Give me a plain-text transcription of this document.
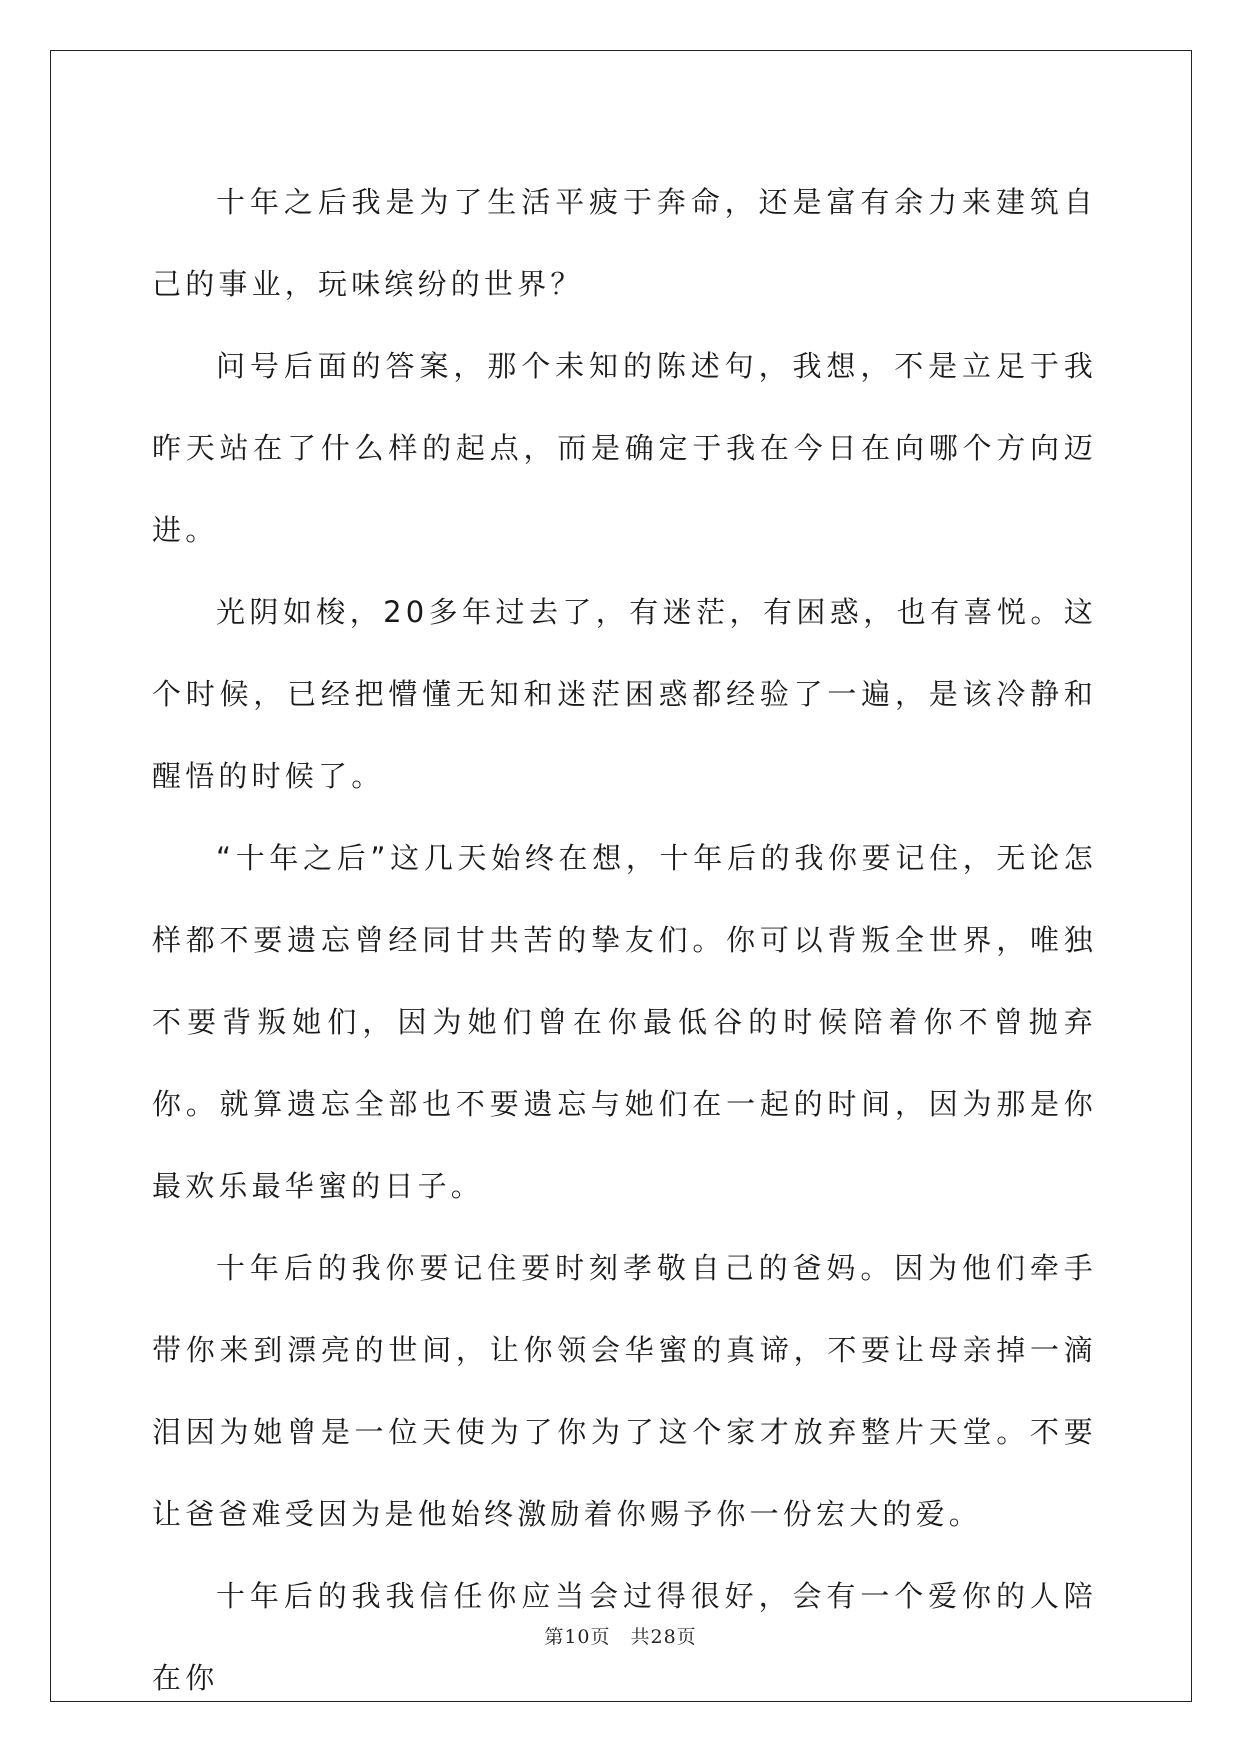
十年之后我是为了生活平疲于奔命，还是富有余力来建筑自己的事业，玩味缤纷的世界？

问号后面的答案，那个未知的陈述句，我想，不是立足于我昨天站在了什么样的起点，而是确定于我在今日在向哪个方向迈进。

光阴如梭，20多年过去了，有迷茫，有困惑，也有喜悦。这个时候，已经把懵懂无知和迷茫困惑都经验了一遍，是该冷静和醒悟的时候了。

“十年之后”这几天始终在想，十年后的我你要记住，无论怎样都不要遗忘曾经同甘共苦的挚友们。你可以背叛全世界，唯独不要背叛她们，因为她们曾在你最低谷的时候陪着你不曾抛弃你。就算遗忘全部也不要遗忘与她们在一起的时间，因为那是你最欢乐最华蜜的日子。

十年后的我你要记住要时刻孝敬自己的爸妈。因为他们牵手带你来到漂亮的世间，让你领会华蜜的真谛，不要让母亲掉一滴泪因为她曾是一位天使为了你为了这个家才放弃整片天堂。不要让爸爸难受因为是他始终激励着你赐予你一份宏大的爱。

十年后的我我信任你应当会过得很好，会有一个爱你的人陪在你

第10页　共28页
